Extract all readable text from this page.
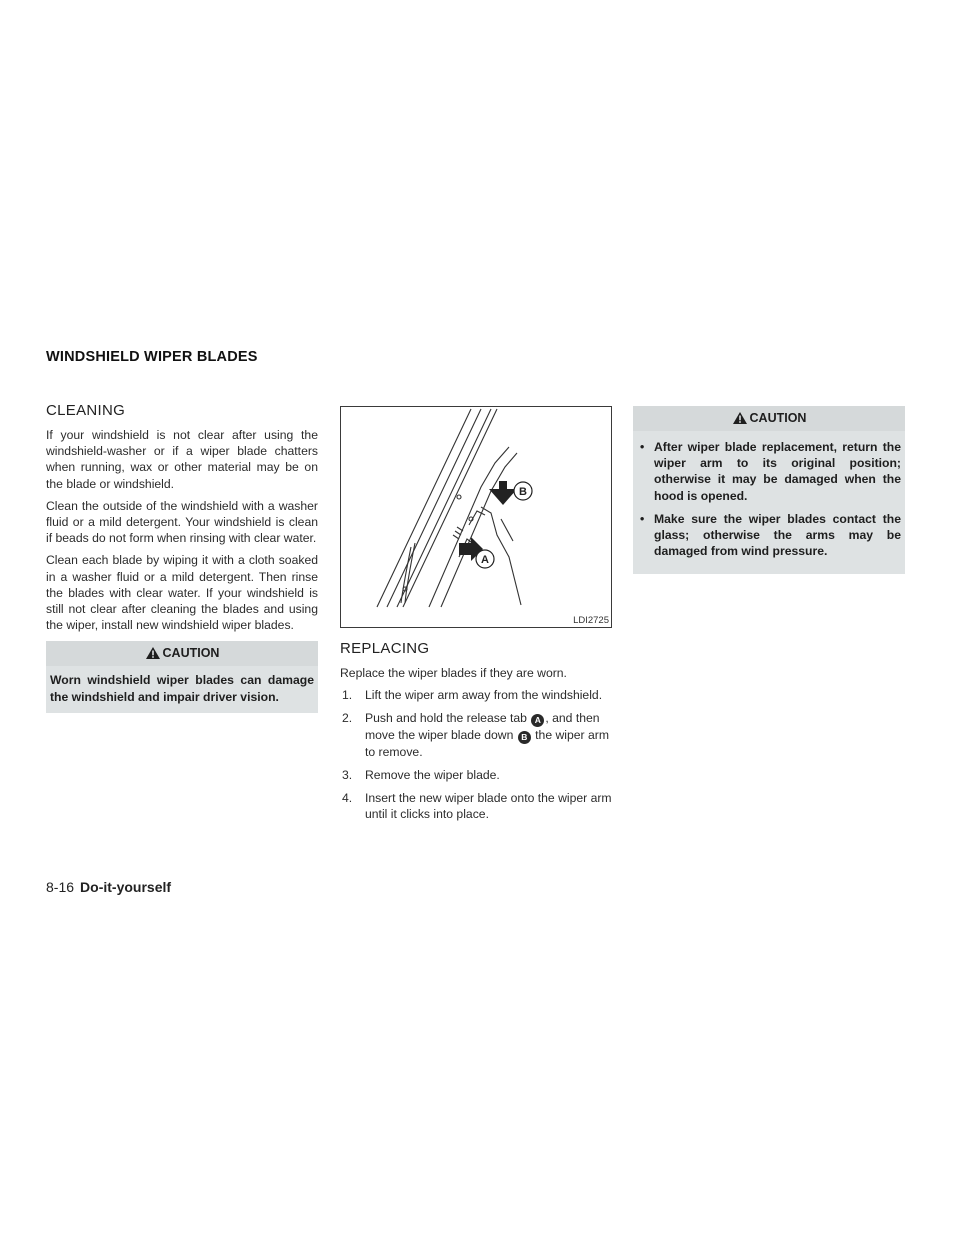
WINDSHIELD WIPER BLADES
CLEANING

If your windshield is not clear after using the windshield-washer or if a wiper blade chatters when running, wax or other material may be on the blade or windshield.

Clean the outside of the windshield with a washer fluid or a mild detergent. Your windshield is clean if beads do not form when rinsing with clear water.

Clean each blade by wiping it with a cloth soaked in a washer fluid or a mild detergent. Then rinse the blades with clear water. If your windshield is still not clear after cleaning the blades and using the wiper, install new windshield wiper blades.

CAUTION
Worn windshield wiper blades can damage the windshield and impair driver vision.
B
A
LDI2725
REPLACING

Replace the wiper blades if they are worn.

1. Lift the wiper arm away from the windshield.
2. Push and hold the release tab A , and then move the wiper blade down B the wiper arm to remove.
3. Remove the wiper blade.
4. Insert the new wiper blade onto the wiper arm until it clicks into place.
CAUTION
• After wiper blade replacement, return the wiper arm to its original position; otherwise it may be damaged when the hood is opened.
• Make sure the wiper blades contact the glass; otherwise the arms may be damaged from wind pressure.
8-16 Do-it-yourself
